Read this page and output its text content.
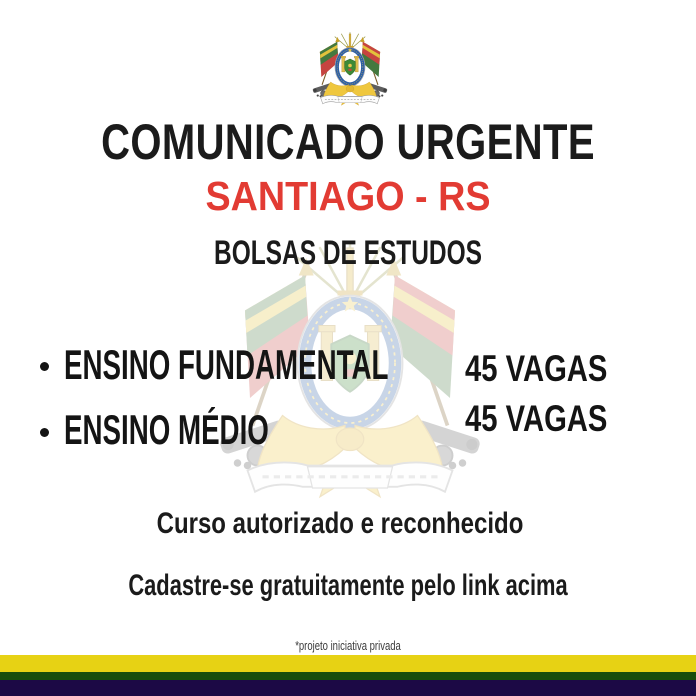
COMUNICADO URGENTE
SANTIAGO - RS
BOLSAS DE ESTUDOS
ENSINO FUNDAMENTAL 45 VAGAS
ENSINO MÉDIO	45 VAGAS
Curso autorizado e reconhecido
Cadastre-se gratuitamente pelo link acima
*projeto iniciativa privada
